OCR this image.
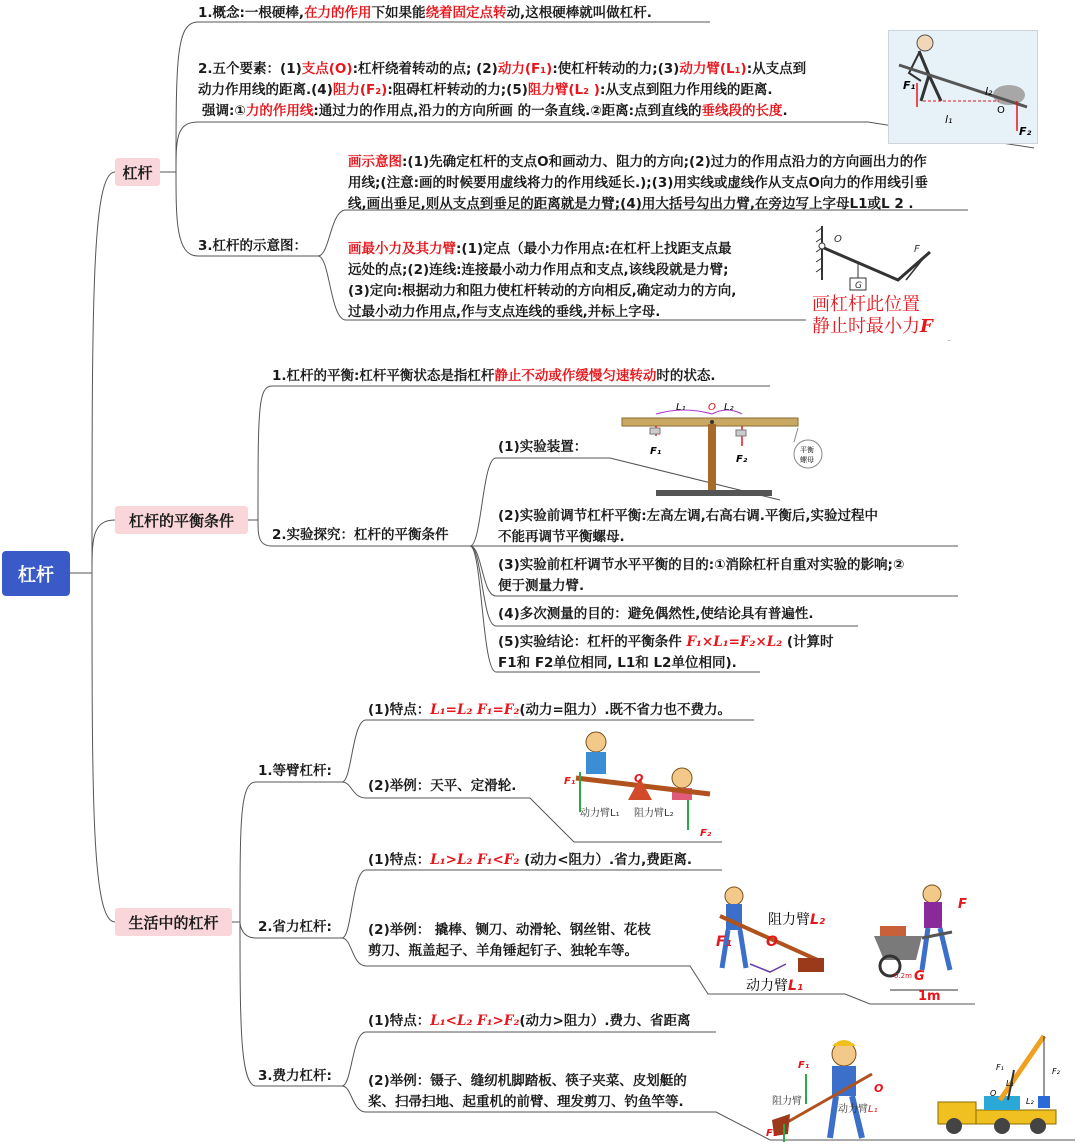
杠杆
杠杆
杠杆的平衡条件
生活中的杠杆
1.概念:一根硬棒,在力的作用下如果能绕着固定点转动,这根硬棒就叫做杠杆.
2.五个要素：(1)支点(O):杠杆绕着转动的点; (2)动力(F₁):使杠杆转动的力;(3)动力臂(L₁):从支点到
动力作用线的距离.(4)阻力(F₂):阻碍杠杆转动的力;(5)阻力臂(L₂ ):从支点到阻力作用线的距离.
强调:①力的作用线:通过力的作用点,沿力的方向所画 的一条直线.②距离:点到直线的垂线段的长度.
F₁
F₂
l₁
l₂
O
3.杠杆的示意图：
画示意图:(1)先确定杠杆的支点O和画动力、阻力的方向;(2)过力的作用点沿力的方向画出力的作
用线;(注意:画的时候要用虚线将力的作用线延长.);(3)用实线或虚线作从支点O向力的作用线引垂
线,画出垂足,则从支点到垂足的距离就是力臂;(4)用大括号勾出力臂,在旁边写上字母L1或L 2 .
画最小力及其力臂:(1)定点（最小力作用点:在杠杆上找距支点最
远处的点;(2)连线:连接最小动力作用点和支点,该线段就是力臂;
(3)定向:根据动力和阻力使杠杆转动的方向相反,确定动力的方向,
过最小动力作用点,作与支点连线的垂线,并标上字母.
O
F
G
画杠杆此位置
静止时最小力F
1.杠杆的平衡:杠杆平衡状态是指杠杆静止不动或作缓慢匀速转动时的状态.
2.实验探究：杠杆的平衡条件
(1)实验装置：
L₁ O L₂
F₁
F₂
平衡
螺母
(2)实验前调节杠杆平衡:左高左调,右高右调.平衡后,实验过程中
不能再调节平衡螺母.
(3)实验前杠杆调节水平平衡的目的:①消除杠杆自重对实验的影响;②
便于测量力臂.
(4)多次测量的目的：避免偶然性,使结论具有普遍性.
(5)实验结论：杠杆的平衡条件 F₁×L₁=F₂×L₂ (计算时
F1和 F2单位相同, L1和 L2单位相同).
1.等臂杠杆:
(1)特点：L₁=L₂ F₁=F₂(动力=阻力）.既不省力也不费力。
(2)举例：天平、定滑轮.	F₁
F₂
O
动力臂L₁ 阻力臂L₂
2.省力杠杆:
(1)特点：L₁>L₂ F₁<F₂ (动力<阻力）.省力,费距离.
(2)举例： 撬棒、铡刀、动滑轮、钢丝钳、花枝
剪刀、瓶盖起子、羊角锤起钉子、独轮车等。
阻力臂L₂
F₁ O
动力臂L₁
F
G
1m
0.2m
3.费力杠杆:
(1)特点：L₁<L₂ F₁>F₂(动力>阻力）.费力、省距离
(2)举例：镊子、缝纫机脚踏板、筷子夹菜、皮划艇的
桨、扫帚扫地、起重机的前臂、理发剪刀、钓鱼竿等.
F₁
F₂
O
阻力臂
动力臂L₁
F₁	F₂
O
L₁
L₂
